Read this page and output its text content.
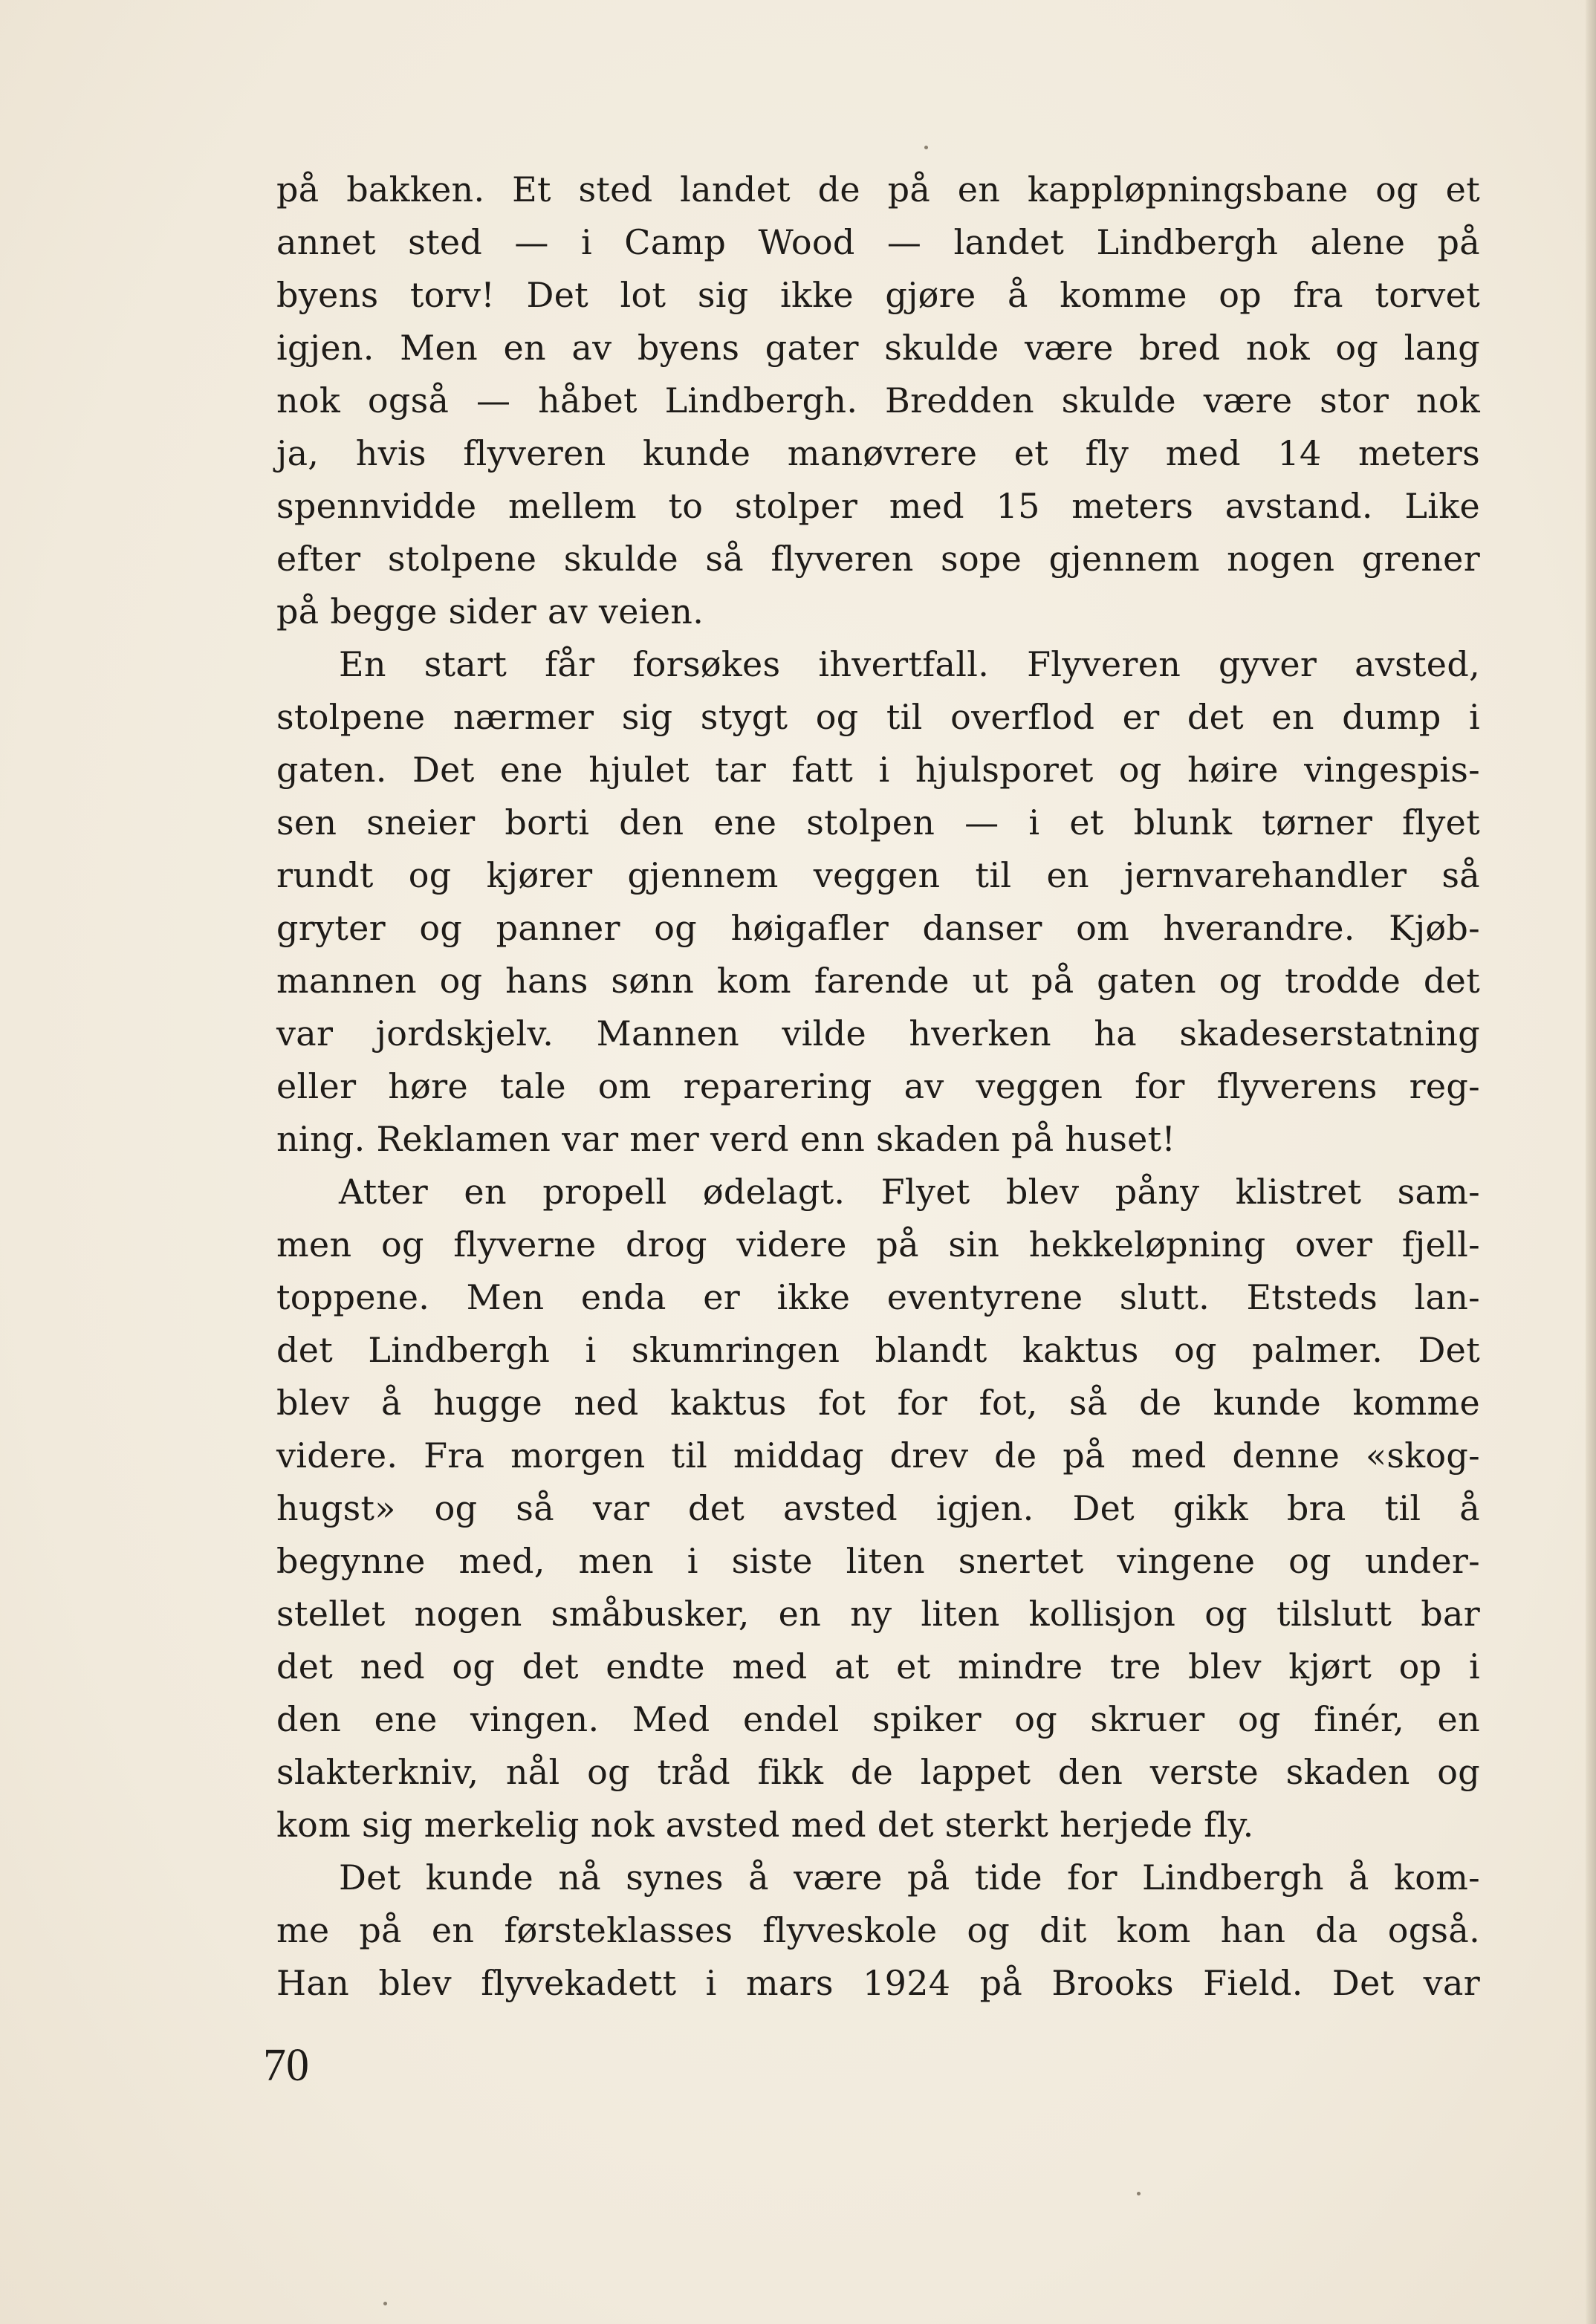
på bakken. Et sted landet de på en kappløpningsbane og et
annet sted — i Camp Wood — landet Lindbergh alene på
byens torv! Det lot sig ikke gjøre å komme op fra torvet
igjen. Men en av byens gater skulde være bred nok og lang
nok også — håbet Lindbergh. Bredden skulde være stor nok
ja, hvis flyveren kunde manøvrere et fly med 14 meters
spennvidde mellem to stolper med 15 meters avstand. Like
efter stolpene skulde så flyveren sope gjennem nogen grener
på begge sider av veien.
En start får forsøkes ihvertfall. Flyveren gyver avsted,
stolpene nærmer sig stygt og til overflod er det en dump i
gaten. Det ene hjulet tar fatt i hjulsporet og høire vingespis-
sen sneier borti den ene stolpen — i et blunk tørner flyet
rundt og kjører gjennem veggen til en jernvarehandler så
gryter og panner og høigafler danser om hverandre. Kjøb-
mannen og hans sønn kom farende ut på gaten og trodde det
var jordskjelv. Mannen vilde hverken ha skadeserstatning
eller høre tale om reparering av veggen for flyverens reg-
ning. Reklamen var mer verd enn skaden på huset!
Atter en propell ødelagt. Flyet blev påny klistret sam-
men og flyverne drog videre på sin hekkeløpning over fjell-
toppene. Men enda er ikke eventyrene slutt. Etsteds lan-
det Lindbergh i skumringen blandt kaktus og palmer. Det
blev å hugge ned kaktus fot for fot, så de kunde komme
videre. Fra morgen til middag drev de på med denne «skog-
hugst» og så var det avsted igjen. Det gikk bra til å
begynne med, men i siste liten snertet vingene og under-
stellet nogen småbusker, en ny liten kollisjon og tilslutt bar
det ned og det endte med at et mindre tre blev kjørt op i
den ene vingen. Med endel spiker og skruer og finér, en
slakterkniv, nål og tråd fikk de lappet den verste skaden og
kom sig merkelig nok avsted med det sterkt herjede fly.
Det kunde nå synes å være på tide for Lindbergh å kom-
me på en førsteklasses flyveskole og dit kom han da også.
Han blev flyvekadett i mars 1924 på Brooks Field. Det var
70
